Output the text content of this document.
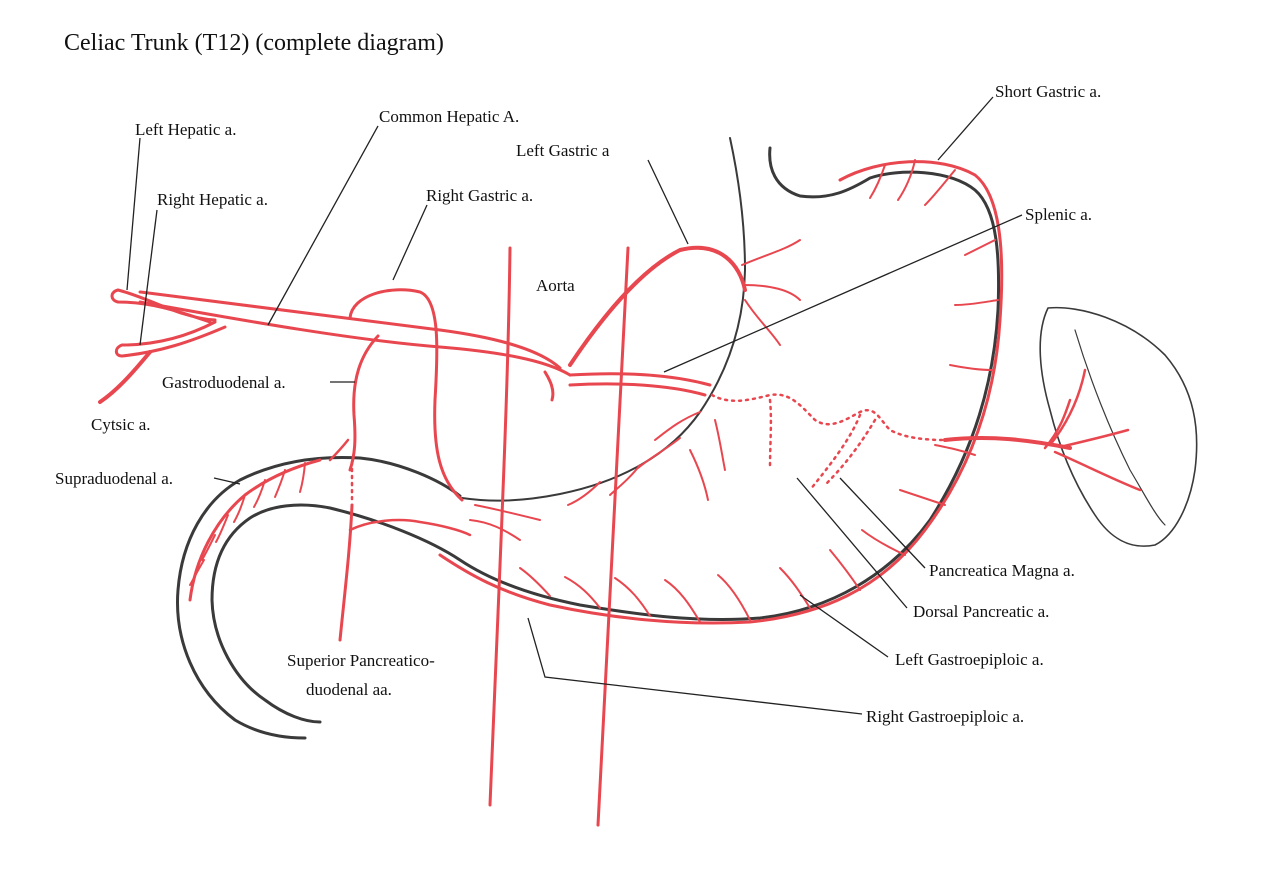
Celiac Trunk (T12) (complete diagram)
Left Hepatic a.
Right Hepatic a.
Common Hepatic A.
Left Gastric a
Right Gastric a.
Short Gastric a.
Splenic a.
Aorta
Gastroduodenal a.
Cytsic a.
Supraduodenal a.
Superior Pancreatico-
duodenal aa.
Pancreatica Magna a.
Dorsal Pancreatic a.
Left Gastroepiploic a.
Right Gastroepiploic a.
